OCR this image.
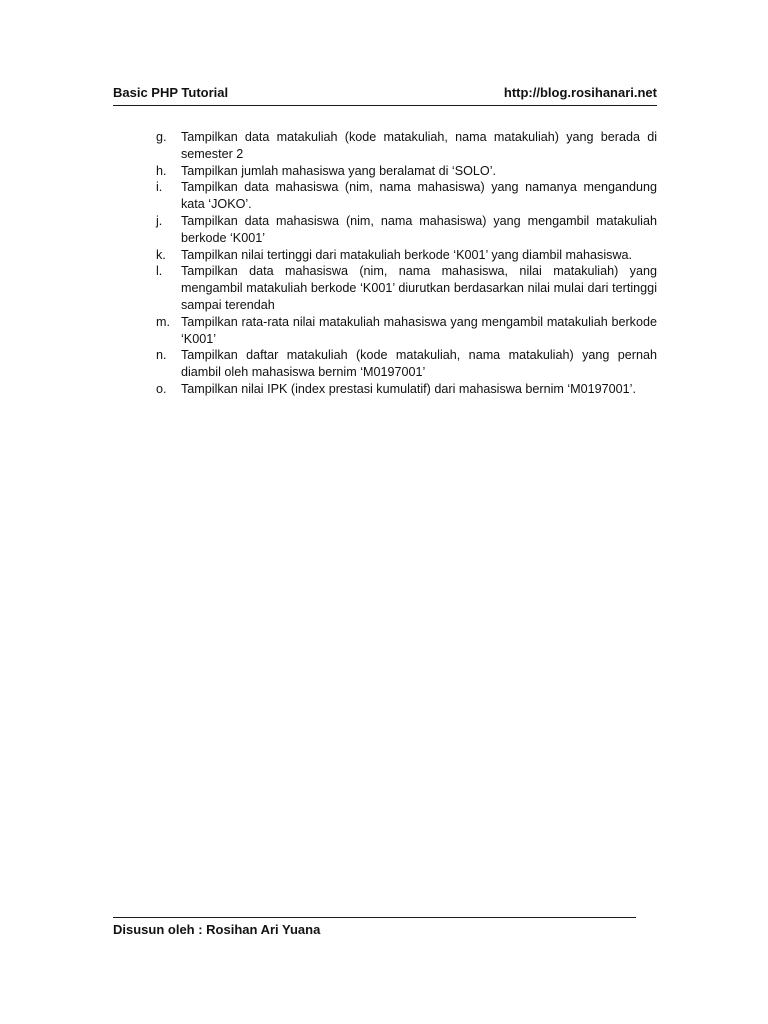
Basic PHP Tutorial	http://blog.rosihanari.net
g.	Tampilkan data matakuliah (kode matakuliah, nama matakuliah) yang berada di semester 2
h.	Tampilkan jumlah mahasiswa yang beralamat di ‘SOLO’.
i.	Tampilkan data mahasiswa (nim, nama mahasiswa) yang namanya mengandung kata ‘JOKO’.
j.	Tampilkan data mahasiswa (nim, nama mahasiswa) yang mengambil matakuliah berkode ‘K001’
k.	Tampilkan nilai tertinggi dari matakuliah berkode ‘K001’ yang diambil mahasiswa.
l.	Tampilkan data mahasiswa (nim, nama mahasiswa, nilai matakuliah) yang mengambil matakuliah berkode ‘K001’ diurutkan berdasarkan nilai mulai dari tertinggi sampai terendah
m. Tampilkan rata-rata nilai matakuliah mahasiswa yang mengambil matakuliah berkode ‘K001’
n.	Tampilkan daftar matakuliah (kode matakuliah, nama matakuliah) yang pernah diambil oleh mahasiswa bernim ‘M0197001’
o.	Tampilkan nilai IPK (index prestasi kumulatif) dari mahasiswa bernim ‘M0197001’.
Disusun oleh : Rosihan Ari Yuana
